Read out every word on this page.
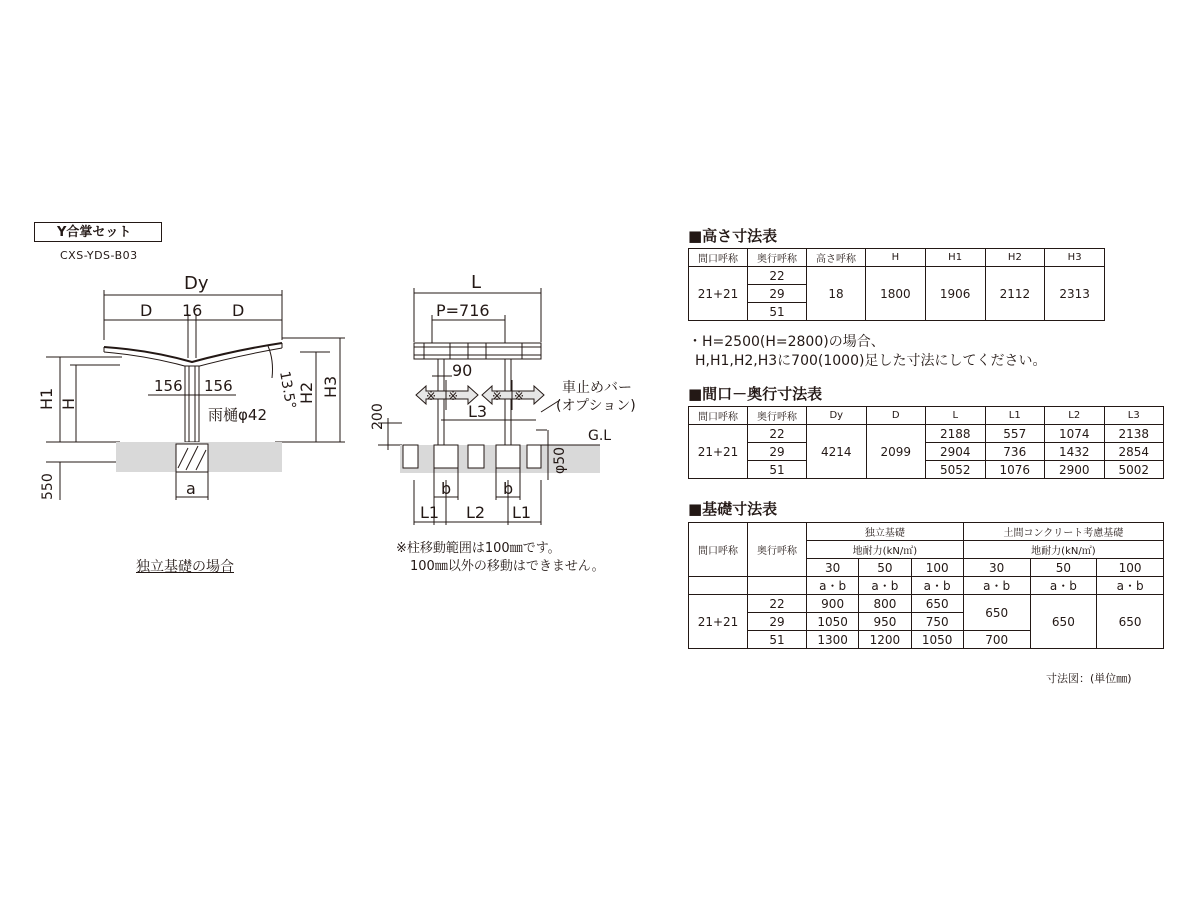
Y合掌セット
CXS-YDS-B03
Dy
D 16 D
156 156
雨樋φ42
a
H1 H	13.5°
H2 H3
550
独立基礎の場合
L
P=716
90
※ ※	※ ※
L3
200
車止めバー
(オプション)
G.L
φ50
b	b
L1 L2 L1
※柱移動範囲は100㎜です。
100㎜以外の移動はできません。
■高さ寸法表
間口呼称	奥行呼称	高さ呼称	H	H1	H2	H3
21+21	22	18	1800	1906	2112	2313
	29					
	51					
・H=2500(H=2800)の場合、
H,H1,H2,H3に700(1000)足した寸法にしてください。
■間口－奥行寸法表
間口呼称	奥行呼称	Dy	D	L	L1	L2	L3
21+21	22	4214	2099	2188	557	1074	2138
	29			2904	736	1432	2854
	51			5052	1076	2900	5002
■基礎寸法表
間口呼称	奥行呼称	独立基礎			土間コンクリート考慮基礎		
		地耐力(kN/㎡)			地耐力(kN/㎡)		
		30	50	100	30	50	100
		a・b	a・b	a・b	a・b	a・b	a・b
21+21	22	900	800	650	650	650	650
	29	1050	950	750			
	51	1300	1200	1050	700		
寸法図：(単位㎜)
